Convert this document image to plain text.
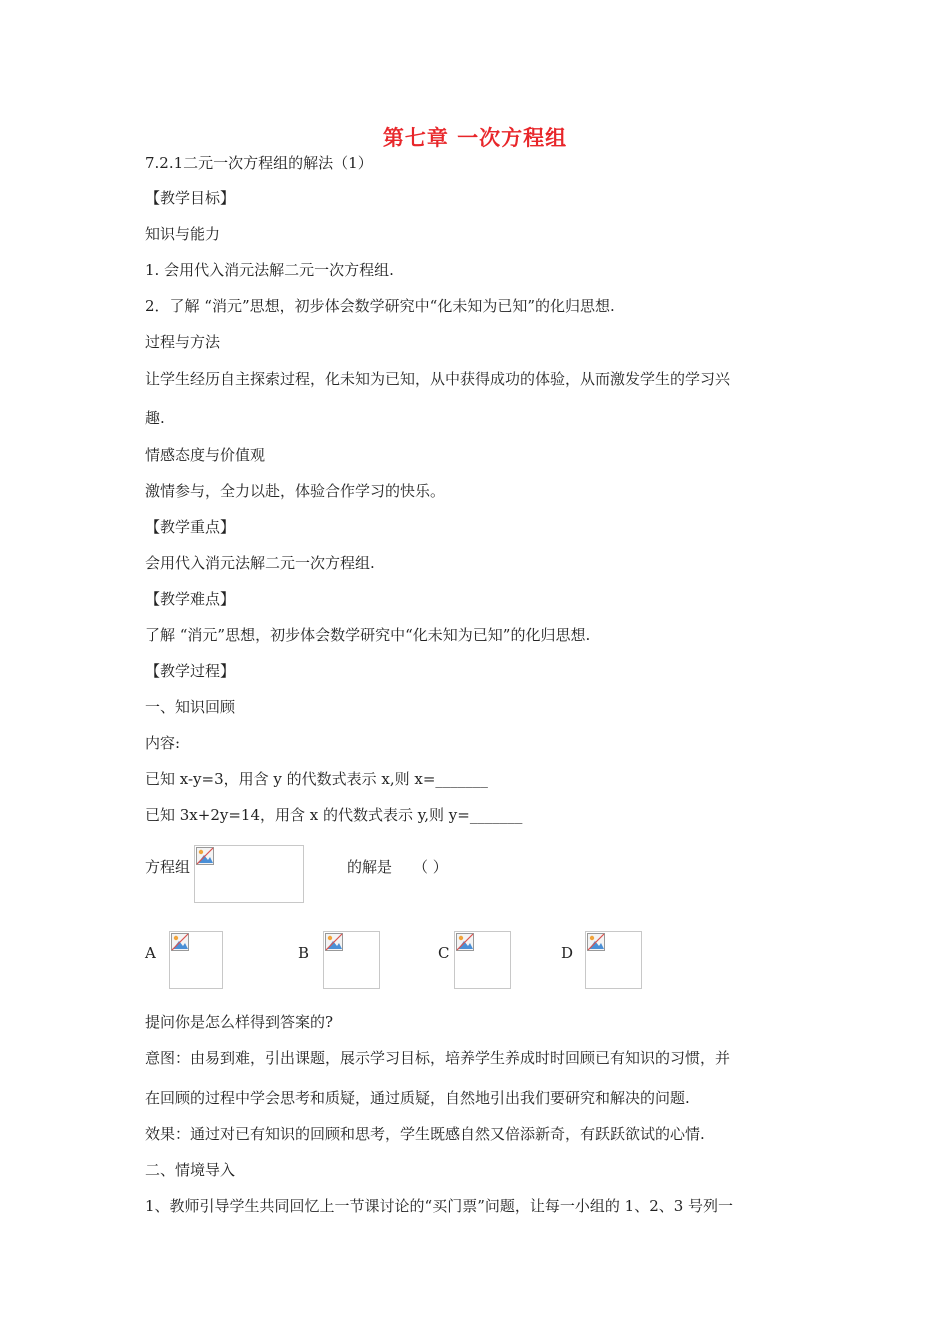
第七章 一次方程组
7.2.1二元一次方程组的解法（1）
【教学目标】
知识与能力
1. 会用代入消元法解二元一次方程组.
2．了解 “消元”思想，初步体会数学研究中“化未知为已知”的化归思想.
过程与方法
让学生经历自主探索过程，化未知为已知，从中获得成功的体验，从而激发学生的学习兴
趣.
情感态度与价值观
激情参与，全力以赴，体验合作学习的快乐。
【教学重点】
会用代入消元法解二元一次方程组.
【教学难点】
了解 “消元”思想，初步体会数学研究中“化未知为已知”的化归思想.
【教学过程】
一、知识回顾
内容:
已知 x-y=3，用含 y 的代数式表示 x,则 x=_______
已知 3x+2y=14，用含 x 的代数式表示 y,则 y=_______
方程组	的解是 （ ）
A	B	C	D
提问你是怎么样得到答案的?
意图：由易到难，引出课题，展示学习目标，培养学生养成时时回顾已有知识的习惯，并
在回顾的过程中学会思考和质疑，通过质疑，自然地引出我们要研究和解决的问题.
效果：通过对已有知识的回顾和思考，学生既感自然又倍添新奇，有跃跃欲试的心情.
二、情境导入
1、教师引导学生共同回忆上一节课讨论的“买门票”问题，让每一小组的 1、2、3 号列一
